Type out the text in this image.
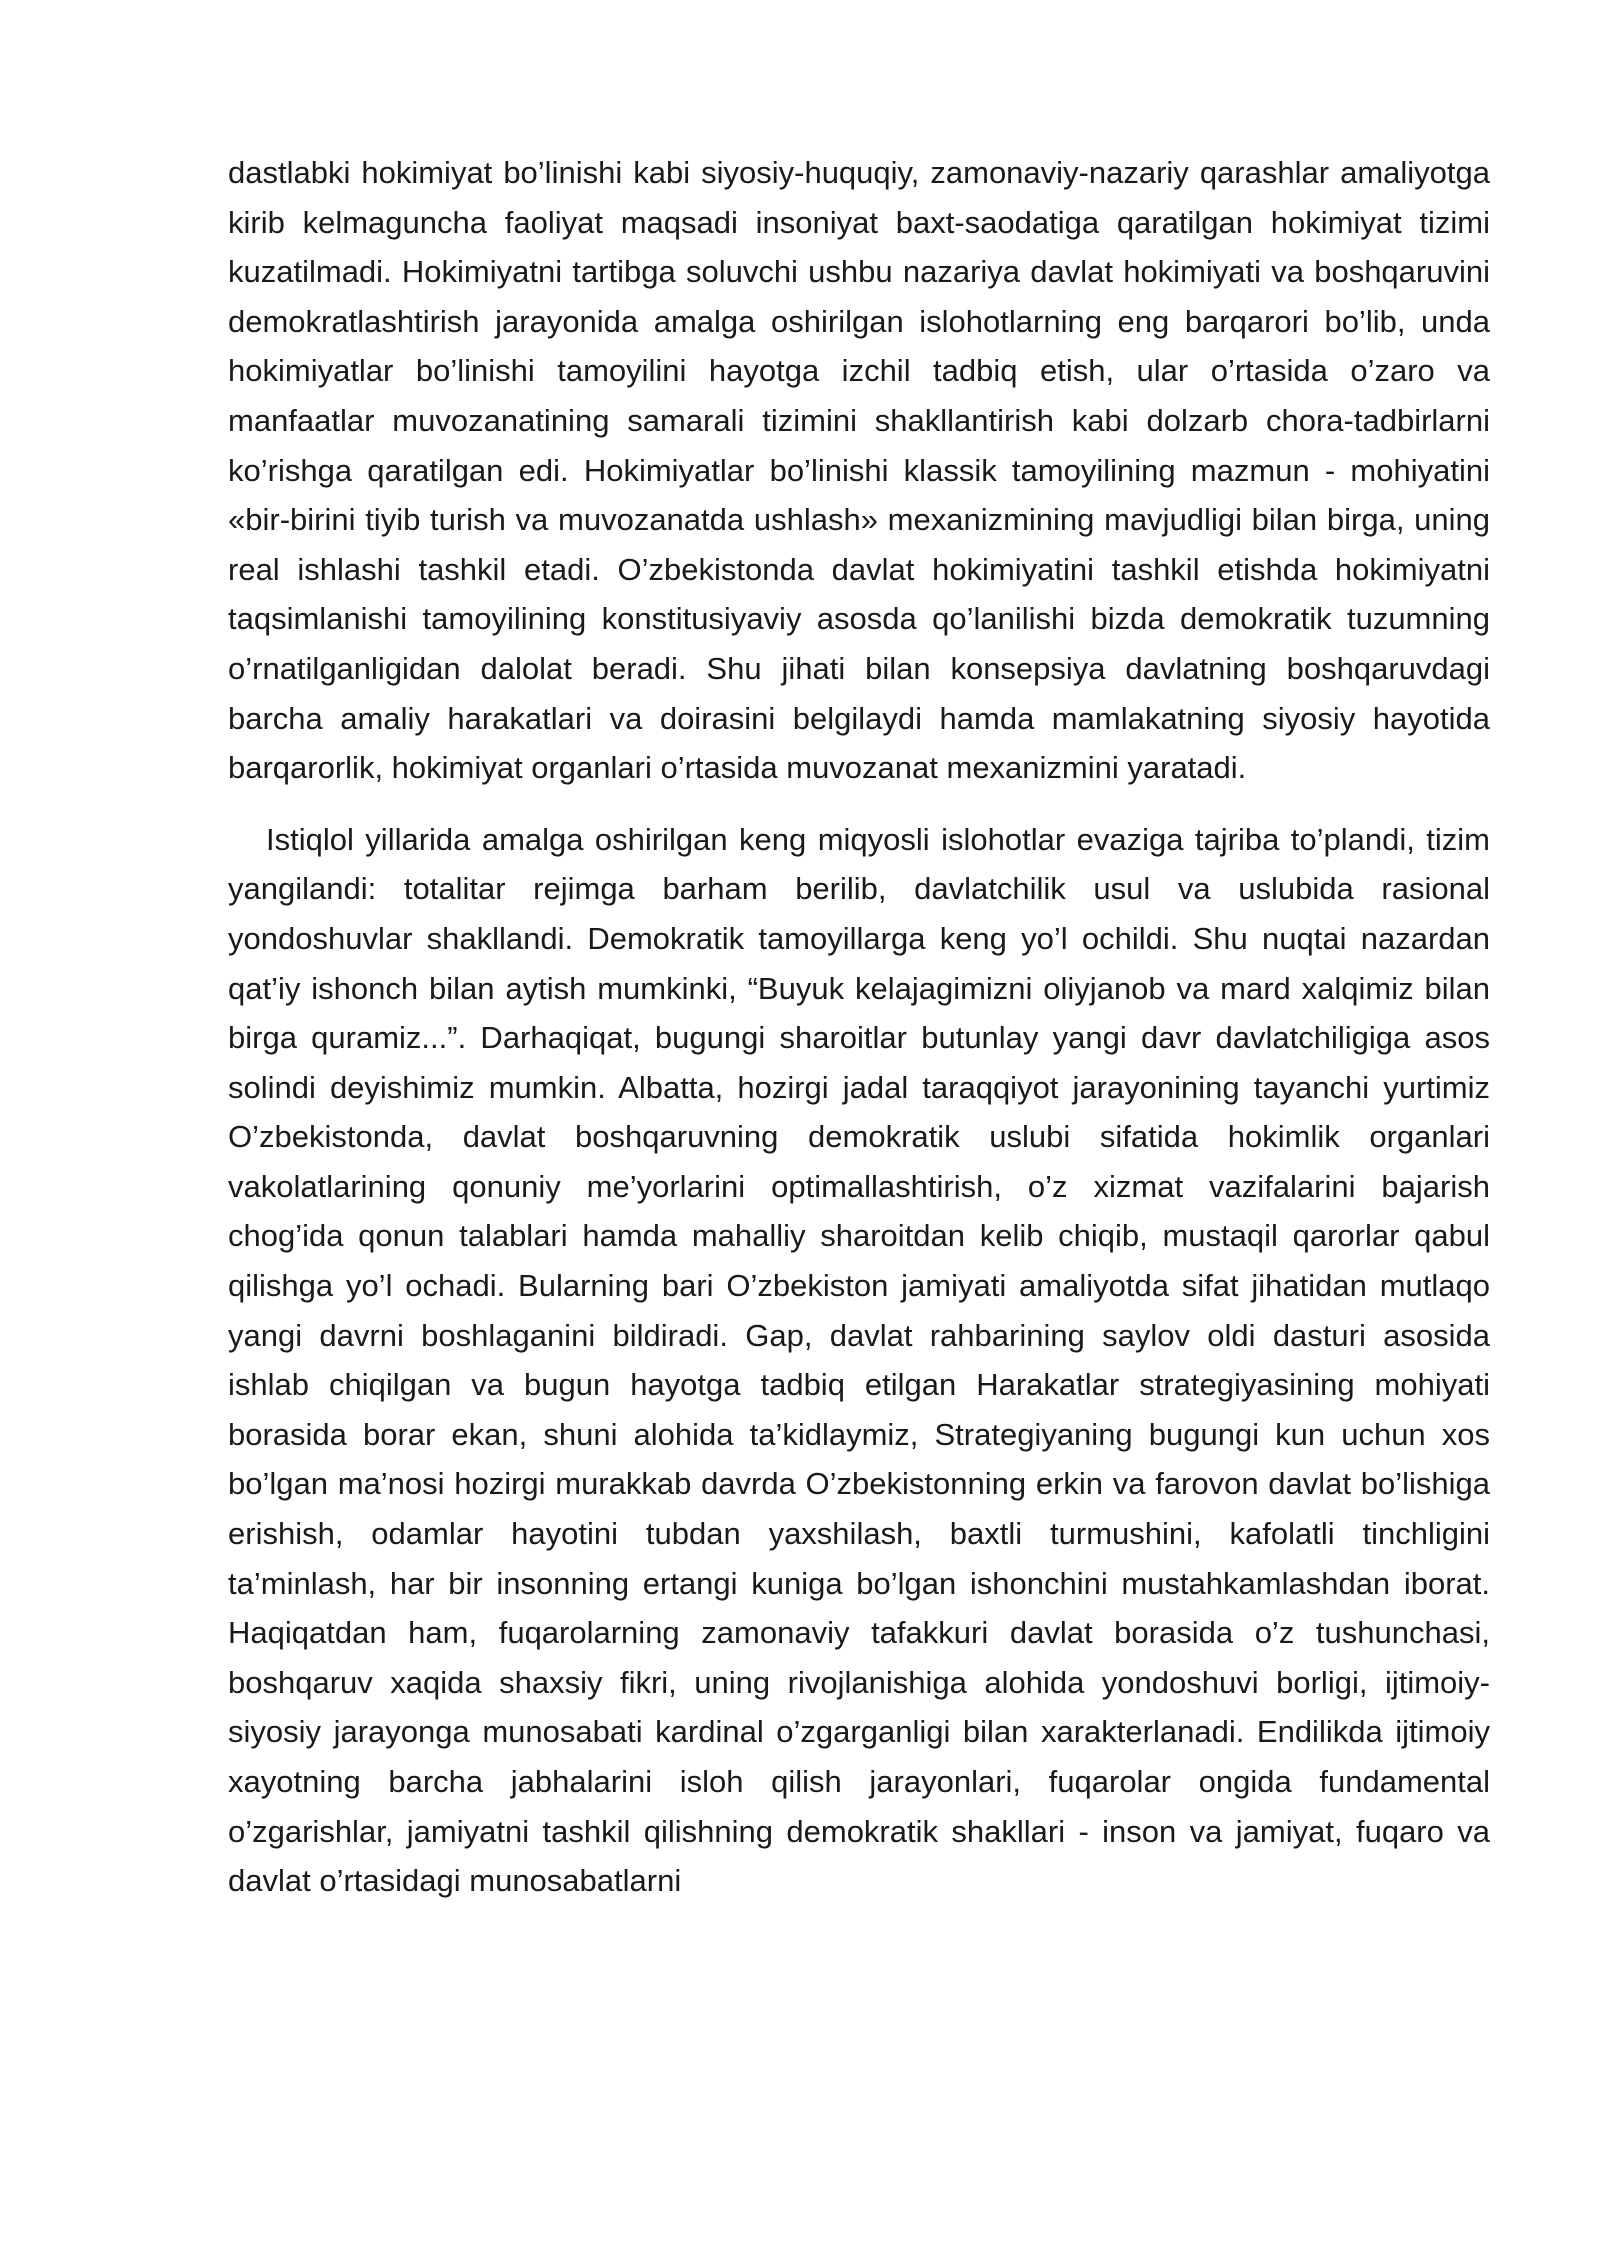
dastlabki hokimiyat bo’linishi kabi siyosiy-huquqiy, zamonaviy-nazariy qarashlar amaliyotga kirib kelmaguncha faoliyat maqsadi insoniyat baxt-saodatiga qaratilgan hokimiyat tizimi kuzatilmadi. Hokimiyatni tartibga soluvchi ushbu nazariya davlat hokimiyati va boshqaruvini demokratlashtirish jarayonida amalga oshirilgan islohotlarning eng barqarori bo’lib, unda hokimiyatlar bo’linishi tamoyilini hayotga izchil tadbiq etish, ular o’rtasida o’zaro va manfaatlar muvozanatining samarali tizimini shakllantirish kabi dolzarb chora-tadbirlarni ko’rishga qaratilgan edi. Hokimiyatlar bo’linishi klassik tamoyilining mazmun - mohiyatini «bir-birini tiyib turish va muvozanatda ushlash» mexanizmining mavjudligi bilan birga, uning real ishlashi tashkil etadi. O’zbekistonda davlat hokimiyatini tashkil etishda hokimiyatni taqsimlanishi tamoyilining konstitusiyaviy asosda qo’lanilishi bizda demokratik tuzumning o’rnatilganligidan dalolat beradi. Shu jihati bilan konsepsiya davlatning boshqaruvdagi barcha amaliy harakatlari va doirasini belgilaydi hamda mamlakatning siyosiy hayotida barqarorlik, hokimiyat organlari o’rtasida muvozanat mexanizmini yaratadi.

Istiqlol yillarida amalga oshirilgan keng miqyosli islohotlar evaziga tajriba to’plandi, tizim yangilandi: totalitar rejimga barham berilib, davlatchilik usul va uslubida rasional yondoshuvlar shakllandi. Demokratik tamoyillarga keng yo’l ochildi. Shu nuqtai nazardan qat’iy ishonch bilan aytish mumkinki, “Buyuk kelajagimizni oliyjanob va mard xalqimiz bilan birga quramiz...”. Darhaqiqat, bugungi sharoitlar butunlay yangi davr davlatchiligiga asos solindi deyishimiz mumkin. Albatta, hozirgi jadal taraqqiyot jarayonining tayanchi yurtimiz O’zbekistonda, davlat boshqaruvning demokratik uslubi sifatida hokimlik organlari vakolatlarining qonuniy me’yorlarini optimallashtirish, o’z xizmat vazifalarini bajarish chog’ida qonun talablari hamda mahalliy sharoitdan kelib chiqib, mustaqil qarorlar qabul qilishga yo’l ochadi. Bularning bari O’zbekiston jamiyati amaliyotda sifat jihatidan mutlaqo yangi davrni boshlaganini bildiradi. Gap, davlat rahbarining saylov oldi dasturi asosida ishlab chiqilgan va bugun hayotga tadbiq etilgan Harakatlar strategiyasining mohiyati borasida borar ekan, shuni alohida ta’kidlaymiz, Strategiyaning bugungi kun uchun xos bo’lgan ma’nosi hozirgi murakkab davrda O’zbekistonning erkin va farovon davlat bo’lishiga erishish, odamlar hayotini tubdan yaxshilash, baxtli turmushini, kafolatli tinchligini ta’minlash, har bir insonning ertangi kuniga bo’lgan ishonchini mustahkamlashdan iborat. Haqiqatdan ham, fuqarolarning zamonaviy tafakkuri davlat borasida o’z tushunchasi, boshqaruv xaqida shaxsiy fikri, uning rivojlanishiga alohida yondoshuvi borligi, ijtimoiy-siyosiy jarayonga munosabati kardinal o’zgarganligi bilan xarakterlanadi. Endilikda ijtimoiy xayotning barcha jabhalarini isloh qilish jarayonlari, fuqarolar ongida fundamental o’zgarishlar, jamiyatni tashkil qilishning demokratik shakllari - inson va jamiyat, fuqaro va davlat o’rtasidagi munosabatlarni
